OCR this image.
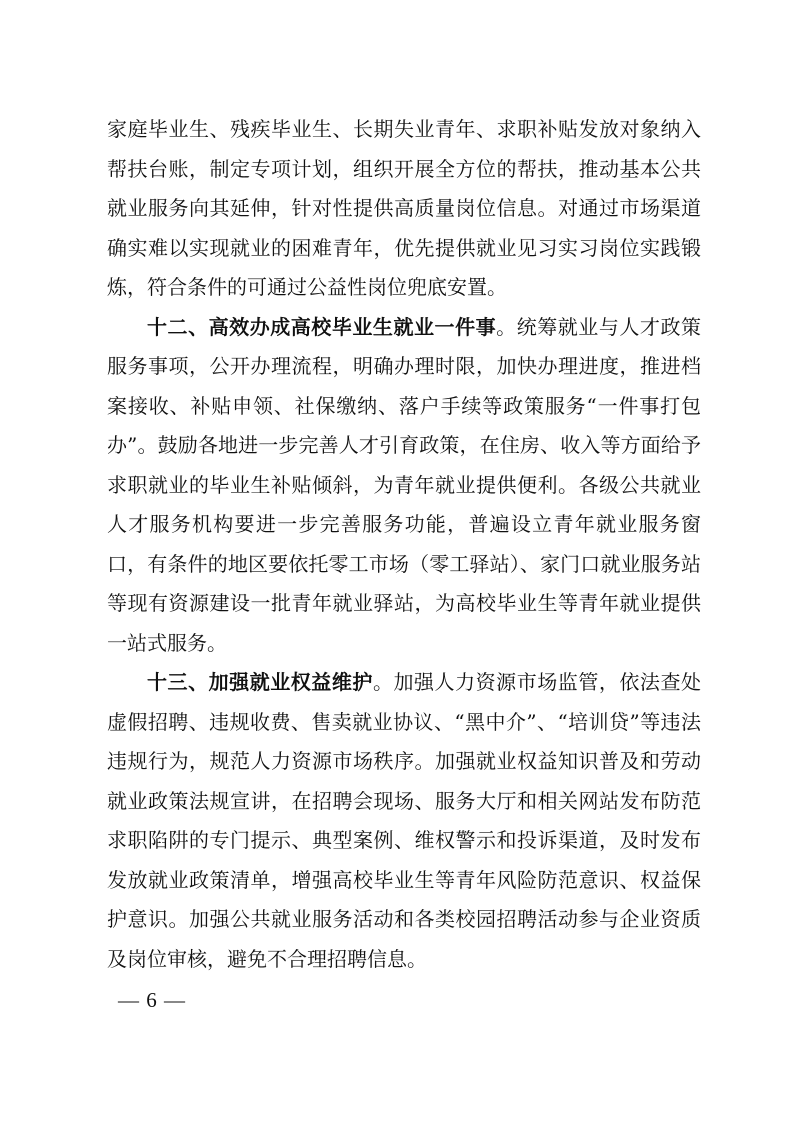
家庭毕业生、残疾毕业生、长期失业青年、求职补贴发放对象纳入帮扶台账，制定专项计划，组织开展全方位的帮扶，推动基本公共就业服务向其延伸，针对性提供高质量岗位信息。对通过市场渠道确实难以实现就业的困难青年，优先提供就业见习实习岗位实践锻炼，符合条件的可通过公益性岗位兜底安置。

十二、高效办成高校毕业生就业一件事。统筹就业与人才政策服务事项，公开办理流程，明确办理时限，加快办理进度，推进档案接收、补贴申领、社保缴纳、落户手续等政策服务“一件事打包办”。鼓励各地进一步完善人才引育政策，在住房、收入等方面给予求职就业的毕业生补贴倾斜，为青年就业提供便利。各级公共就业人才服务机构要进一步完善服务功能，普遍设立青年就业服务窗口，有条件的地区要依托零工市场（零工驿站）、家门口就业服务站等现有资源建设一批青年就业驿站，为高校毕业生等青年就业提供一站式服务。

十三、加强就业权益维护。加强人力资源市场监管，依法查处虚假招聘、违规收费、售卖就业协议、“黑中介”、“培训贷”等违法违规行为，规范人力资源市场秩序。加强就业权益知识普及和劳动就业政策法规宣讲，在招聘会现场、服务大厅和相关网站发布防范求职陷阱的专门提示、典型案例、维权警示和投诉渠道，及时发布发放就业政策清单，增强高校毕业生等青年风险防范意识、权益保护意识。加强公共就业服务活动和各类校园招聘活动参与企业资质及岗位审核，避免不合理招聘信息。

— 6 —
